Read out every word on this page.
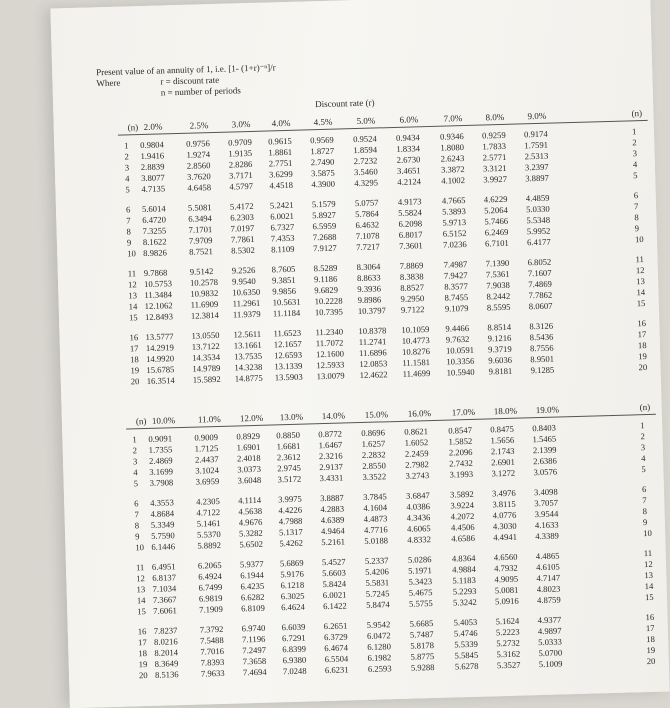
Present value of an annuity of 1, i.e. [1- (1+r)⁻ⁿ]/r
Where	r = discount rate
n = number of periods
Discount rate (r)
(n) 2.0%	2.5%	3.0% 4.0%	4.5%	5.0%	6.0%	7.0%	8.0%	9.0%	(n)
1 0.9804	0.9756 0.9709 0.9615 0.9569 0.9524 0.9434 0.9346 0.9259 0.9174	1
2 1.9416	1.9274 1.9135 1.8861 1.8727 1.8594 1.8334 1.8080 1.7833 1.7591	2
3 2.8839	2.8560 2.8286 2.7751 2.7490 2.7232 2.6730 2.6243 2.5771 2.5313	3
4 3.8077	3.7620 3.7171 3.6299 3.5875 3.5460 3.4651 3.3872 3.3121 3.2397	4
5 4.7135	4.6458 4.5797 4.4518 4.3900 4.3295 4.2124 4.1002 3.9927 3.8897	5
6 5.6014	5.5081 5.4172 5.2421 5.1579 5.0757 4.9173 4.7665 4.6229 4.4859	6
7 6.4720	6.3494 6.2303 6.0021 5.8927 5.7864 5.5824 5.3893 5.2064 5.0330	7
8 7.3255	7.1701 7.0197 6.7327 6.5959 6.4632 6.2098 5.9713 5.7466 5.5348	8
9 8.1622	7.9709 7.7861 7.4353 7.2688 7.1078 6.8017 6.5152 6.2469 5.9952	9
10 8.9826	8.7521 8.5302 8.1109 7.9127 7.7217 7.3601 7.0236 6.7101 6.4177	10
11 9.7868	9.5142 9.2526 8.7605 8.5289 8.3064 7.8869 7.4987 7.1390 6.8052	11
12 10.5753 10.2578 9.9540 9.3851 9.1186 8.8633 8.3838 7.9427 7.5361 7.1607	12
13 11.3484 10.9832 10.6350 9.9856 9.6829 9.3936 8.8527 8.3577 7.9038 7.4869	13
14 12.1062 11.6909 11.2961 10.5631 10.2228 9.8986 9.2950 8.7455 8.2442 7.7862	14
15 12.8493 12.3814 11.9379 11.1184 10.7395 10.3797 9.7122 9.1079 8.5595 8.0607	15
16 13.5777 13.0550 12.5611 11.6523 11.2340 10.8378 10.1059 9.4466 8.8514 8.3126	16
17 14.2919 13.7122 13.1661 12.1657 11.7072 11.2741 10.4773 9.7632 9.1216 8.5436	17
18 14.9920 14.3534 13.7535 12.6593 12.1600 11.6896 10.8276 10.0591 9.3719 8.7556	18
19 15.6785 14.9789 14.3238 13.1339 12.5933 12.0853 11.1581 10.3356 9.6036 8.9501	19
20 16.3514 15.5892 14.8775 13.5903 13.0079 12.4622 11.4699 10.5940 9.8181 9.1285	20
(n) 10.0% 11.0% 12.0% 13.0% 14.0% 15.0% 16.0% 17.0% 18.0% 19.0%	(n)
1 0.9091	0.9009 0.8929 0.8850 0.8772 0.8696 0.8621 0.8547 0.8475 0.8403	1
2 1.7355	1.7125 1.6901 1.6681 1.6467 1.6257 1.6052 1.5852 1.5656 1.5465	2
3 2.4869	2.4437 2.4018 2.3612 2.3216 2.2832 2.2459 2.2096 2.1743 2.1399	3
4 3.1699	3.1024 3.0373 2.9745 2.9137 2.8550 2.7982 2.7432 2.6901 2.6386	4
5 3.7908	3.6959 3.6048 3.5172 3.4331 3.3522 3.2743 3.1993 3.1272 3.0576	5
6 4.3553	4.2305 4.1114 3.9975 3.8887 3.7845 3.6847 3.5892 3.4976 3.4098	6
7 4.8684	4.7122 4.5638 4.4226 4.2883 4.1604 4.0386 3.9224 3.8115 3.7057	7
8 5.3349	5.1461 4.9676 4.7988 4.6389 4.4873 4.3436 4.2072 4.0776 3.9544	8
9 5.7590	5.5370 5.3282 5.1317 4.9464 4.7716 4.6065 4.4506 4.3030 4.1633	9
10 6.1446	5.8892 5.6502 5.4262 5.2161 5.0188 4.8332 4.6586 4.4941 4.3389	10
11 6.4951	6.2065 5.9377 5.6869 5.4527 5.2337 5.0286 4.8364 4.6560 4.4865	11
12 6.8137	6.4924 6.1944 5.9176 5.6603 5.4206 5.1971 4.9884 4.7932 4.6105	12
13 7.1034	6.7499 6.4235 6.1218 5.8424 5.5831 5.3423 5.1183 4.9095 4.7147	13
14 7.3667	6.9819 6.6282 6.3025 6.0021 5.7245 5.4675 5.2293 5.0081 4.8023	14
15 7.6061	7.1909 6.8109 6.4624 6.1422 5.8474 5.5755 5.3242 5.0916 4.8759	15
16 7.8237	7.3792 6.9740 6.6039 6.2651 5.9542 5.6685 5.4053 5.1624 4.9377	16
17 8.0216	7.5488 7.1196 6.7291 6.3729 6.0472 5.7487 5.4746 5.2223 4.9897	17
18 8.2014	7.7016 7.2497 6.8399 6.4674 6.1280 5.8178 5.5339 5.2732 5.0333	18
19 8.3649	7.8393 7.3658 6.9380 6.5504 6.1982 5.8775 5.5845 5.3162 5.0700	19
20 8.5136	7.9633 7.4694 7.0248 6.6231 6.2593 5.9288 5.6278 5.3527 5.1009	20
